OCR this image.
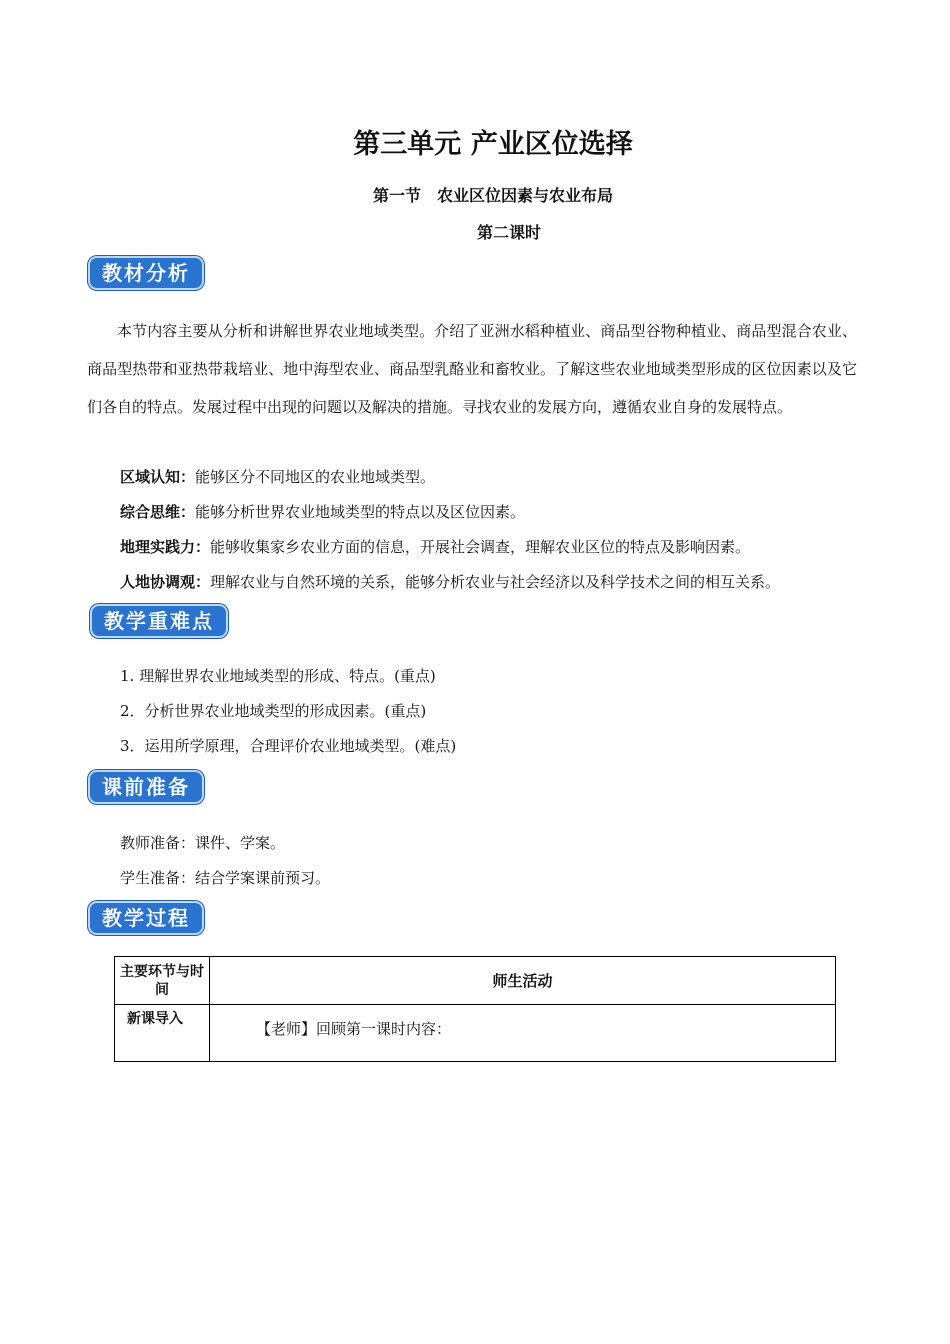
第三单元 产业区位选择
第一节　农业区位因素与农业布局
第二课时
教材分析
本节内容主要从分析和讲解世界农业地域类型。介绍了亚洲水稻种植业、商品型谷物种植业、商品型混合农业、商品型热带和亚热带栽培业、地中海型农业、商品型乳酪业和畜牧业。了解这些农业地域类型形成的区位因素以及它们各自的特点。发展过程中出现的问题以及解决的措施。寻找农业的发展方向，遵循农业自身的发展特点。
区域认知：能够区分不同地区的农业地域类型。
综合思维：能够分析世界农业地域类型的特点以及区位因素。
地理实践力：能够收集家乡农业方面的信息，开展社会调查，理解农业区位的特点及影响因素。
人地协调观：理解农业与自然环境的关系，能够分析农业与社会经济以及科学技术之间的相互关系。
教学重难点
1. 理解世界农业地域类型的形成、特点。(重点)
2．分析世界农业地域类型的形成因素。(重点)
3．运用所学原理，合理评价农业地域类型。(难点)
课前准备
教师准备：课件、学案。
学生准备：结合学案课前预习。
教学过程
主要环节与时间	师生活动
新课导入	【老师】回顾第一课时内容：
